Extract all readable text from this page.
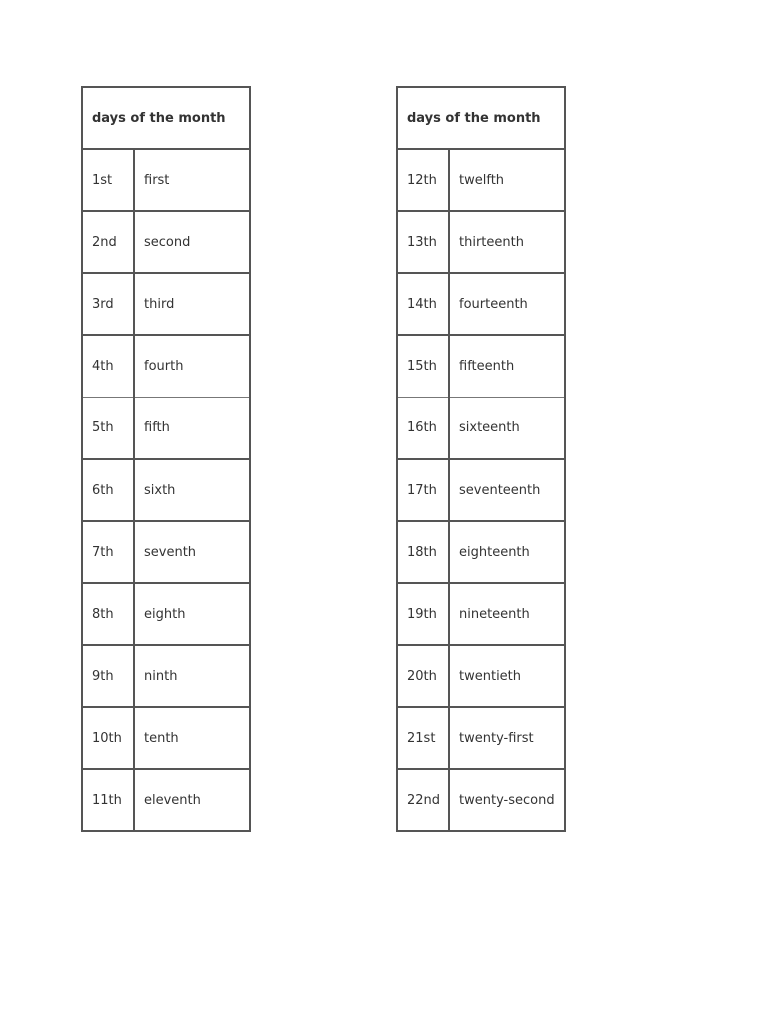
days of the month	
1st	first
2nd	second
3rd	third
4th	fourth
5th	fifth
6th	sixth
7th	seventh
8th	eighth
9th	ninth
10th	tenth
11th	eleventh
days of the month	
12th	twelfth
13th	thirteenth
14th	fourteenth
15th	fifteenth
16th	sixteenth
17th	seventeenth
18th	eighteenth
19th	nineteenth
20th	twentieth
21st	twenty-first
22nd	twenty-second
